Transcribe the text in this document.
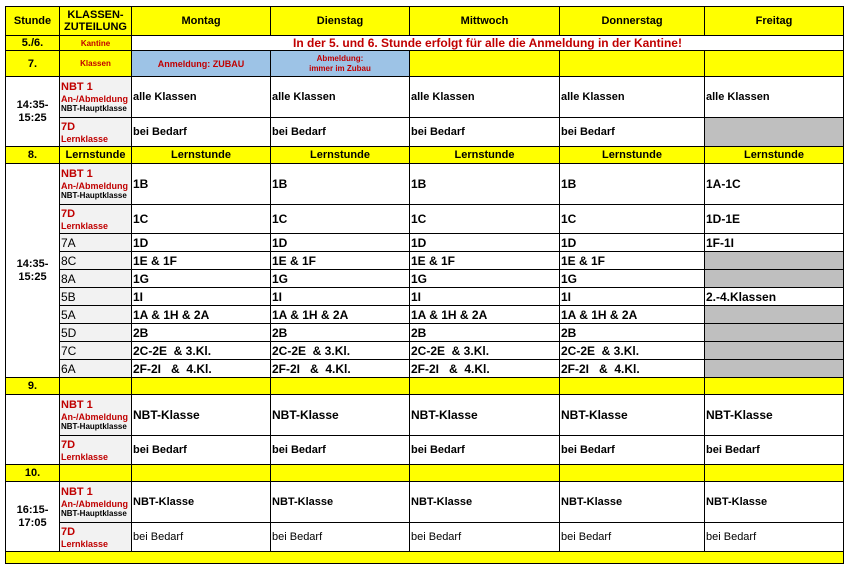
Stunde	KLASSEN-
ZUTEILUNG	Montag	Dienstag	Mittwoch	Donnerstag	Freitag
5./6.	Kantine	In der 5. und 6. Stunde erfolgt für alle die Anmeldung in der Kantine!				
7.	Klassen	Anmeldung: ZUBAU	Abmeldung:
immer im Zubau			
14:35-
15:25	NBT 1
An-/Abmeldung
NBT-Hauptklasse	alle Klassen	alle Klassen	alle Klassen	alle Klassen	alle Klassen

	7D
Lernklasse	bei Bedarf	bei Bedarf	bei Bedarf	bei Bedarf	
8.	Lernstunde	Lernstunde	Lernstunde	Lernstunde	Lernstunde	Lernstunde
14:35-
15:25	NBT 1
An-/Abmeldung
NBT-Hauptklasse	1B	1B	1B	1B	1A-1C

	7D
Lernklasse	1C	1C	1C	1C	1D-1E
	7A	1D	1D	1D	1D	1F-1I
	8C	1E & 1F	1E & 1F	1E & 1F	1E & 1F	
	8A	1G	1G	1G	1G	
	5B	1I	1I	1I	1I	2.-4.Klassen
	5A	1A & 1H & 2A	1A & 1H & 2A	1A & 1H & 2A	1A & 1H & 2A	
	5D	2B	2B	2B	2B	
	7C	2C-2E  & 3.Kl.	2C-2E  & 3.Kl.	2C-2E  & 3.Kl.	2C-2E  & 3.Kl.	
	6A	2F-2I   &  4.Kl.	2F-2I   &  4.Kl.	2F-2I   &  4.Kl.	2F-2I   &  4.Kl.	
9.						

	NBT 1
An-/Abmeldung
NBT-Hauptklasse	NBT-Klasse	NBT-Klasse	NBT-Klasse	NBT-Klasse	NBT-Klasse

	7D
Lernklasse	bei Bedarf	bei Bedarf	bei Bedarf	bei Bedarf	bei Bedarf
10.						
16:15-
17:05	NBT 1
An-/Abmeldung
NBT-Hauptklasse	NBT-Klasse	NBT-Klasse	NBT-Klasse	NBT-Klasse	NBT-Klasse

	7D
Lernklasse	bei Bedarf	bei Bedarf	bei Bedarf	bei Bedarf	bei Bedarf
